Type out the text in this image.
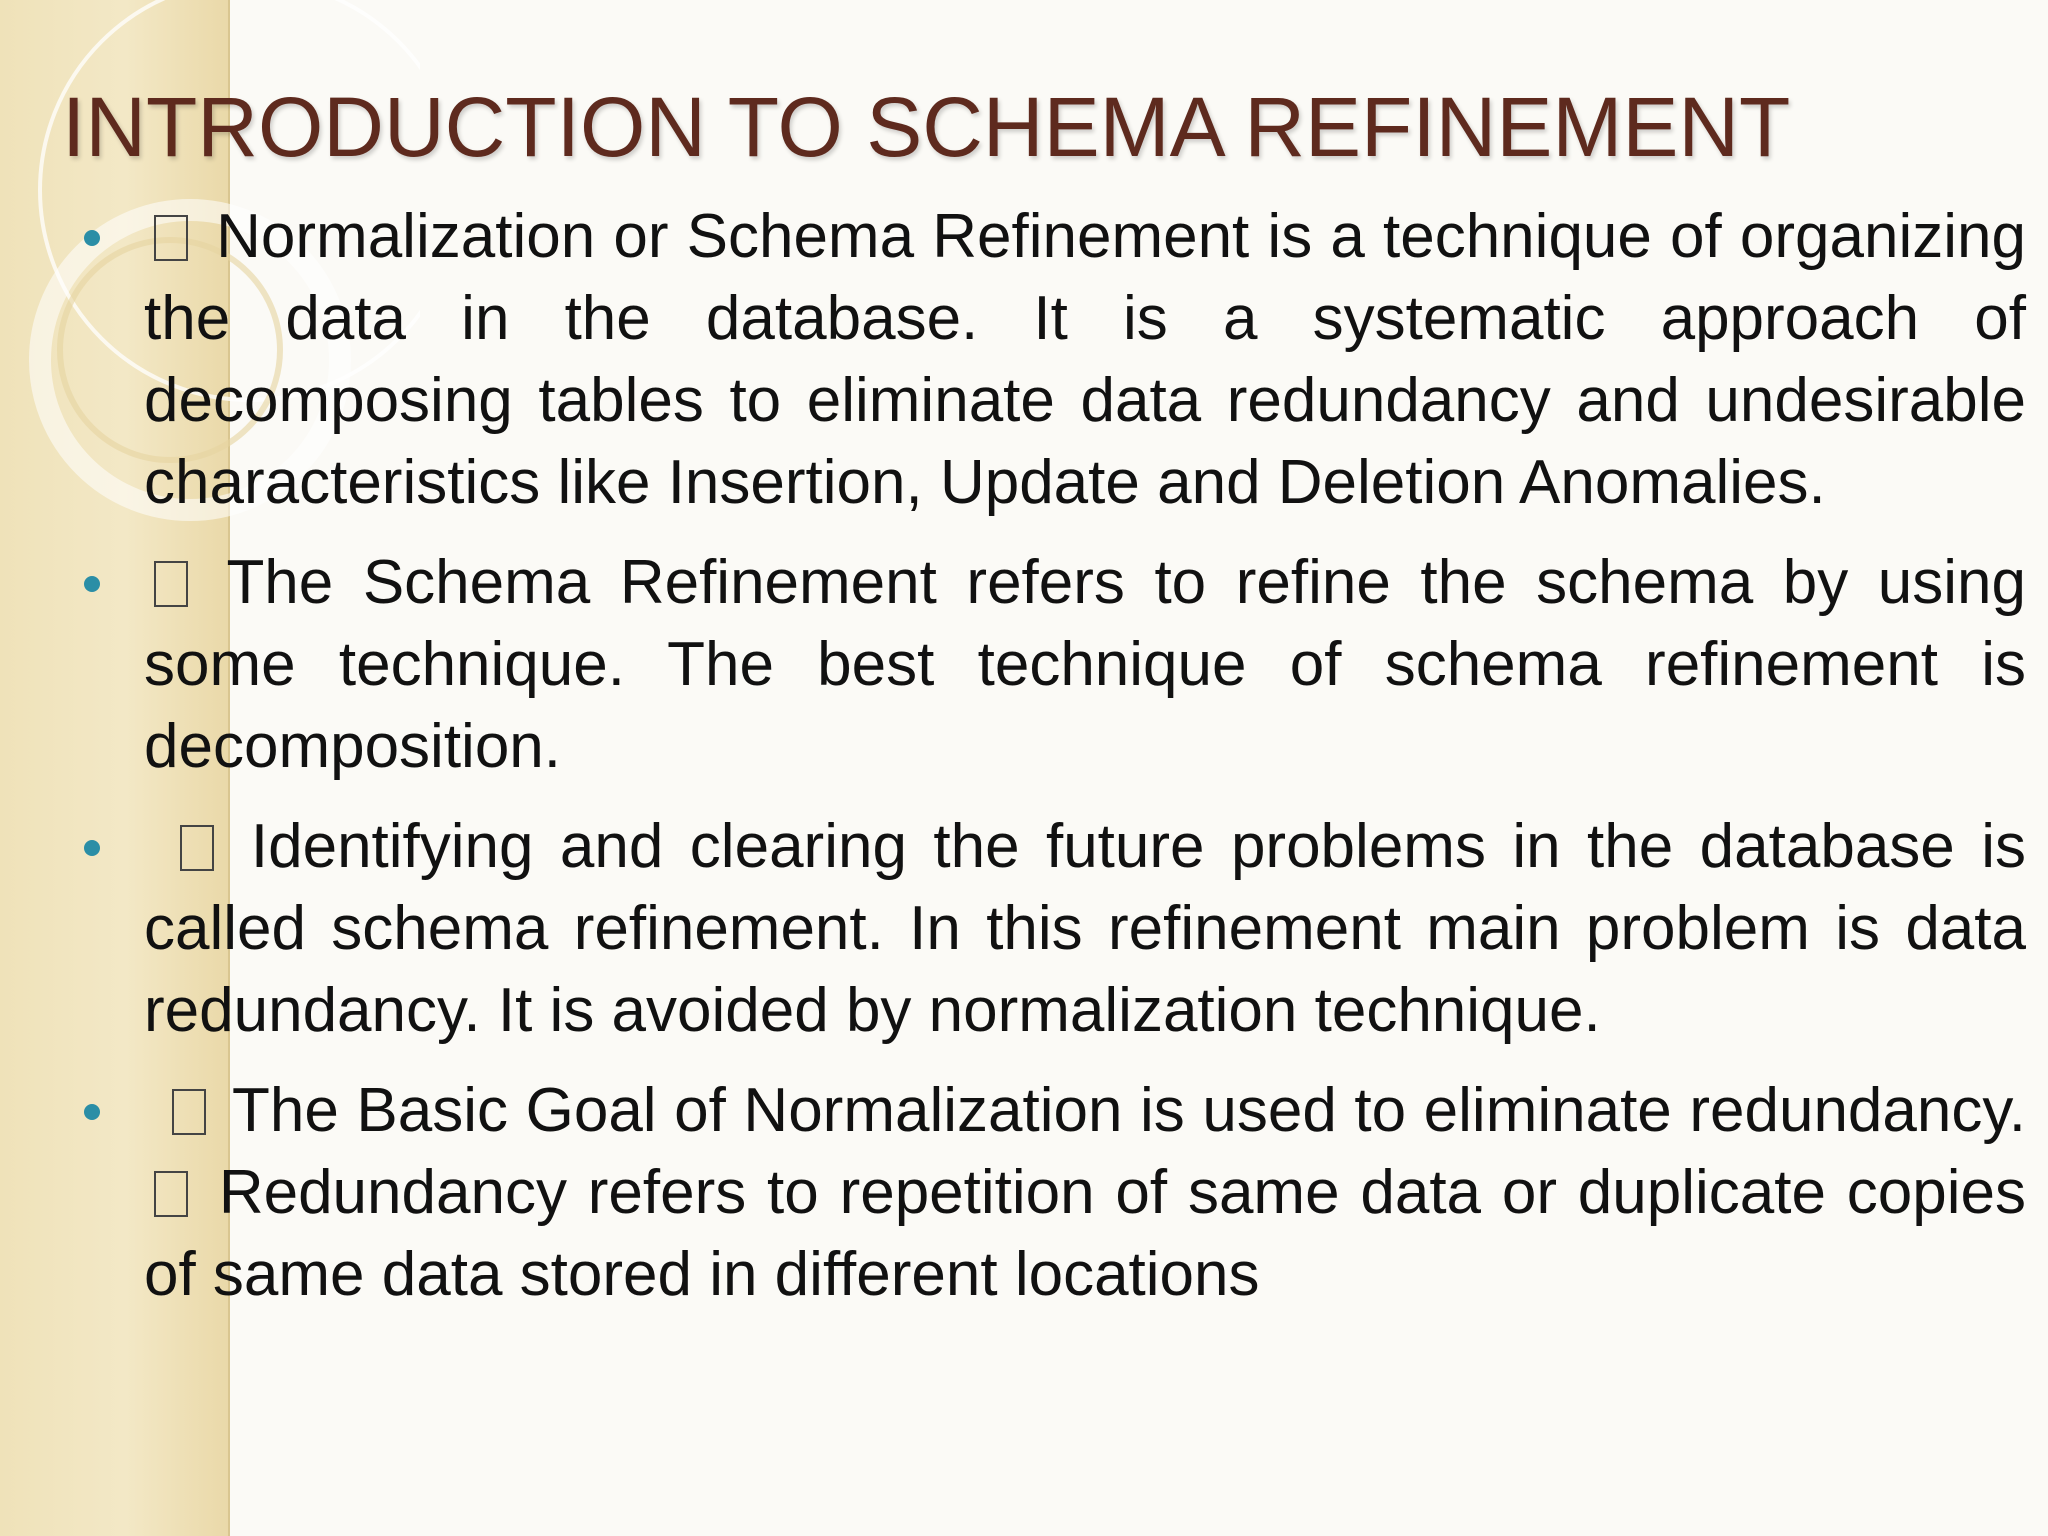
INTRODUCTION TO SCHEMA REFINEMENT

Normalization or Schema Refinement is a technique of organizing the data in the database. It is a systematic approach of decomposing tables to eliminate data redundancy and undesirable characteristics like Insertion, Update and Deletion Anomalies.

The Schema Refinement refers to refine the schema by using some technique. The best technique of schema refinement is decomposition.

Identifying and clearing the future problems in the database is called schema refinement. In this refinement main problem is data redundancy. It is avoided by normalization technique.

The Basic Goal of Normalization is used to eliminate redundancy.  Redundancy refers to repetition of same data or duplicate copies of same data stored in different locations
